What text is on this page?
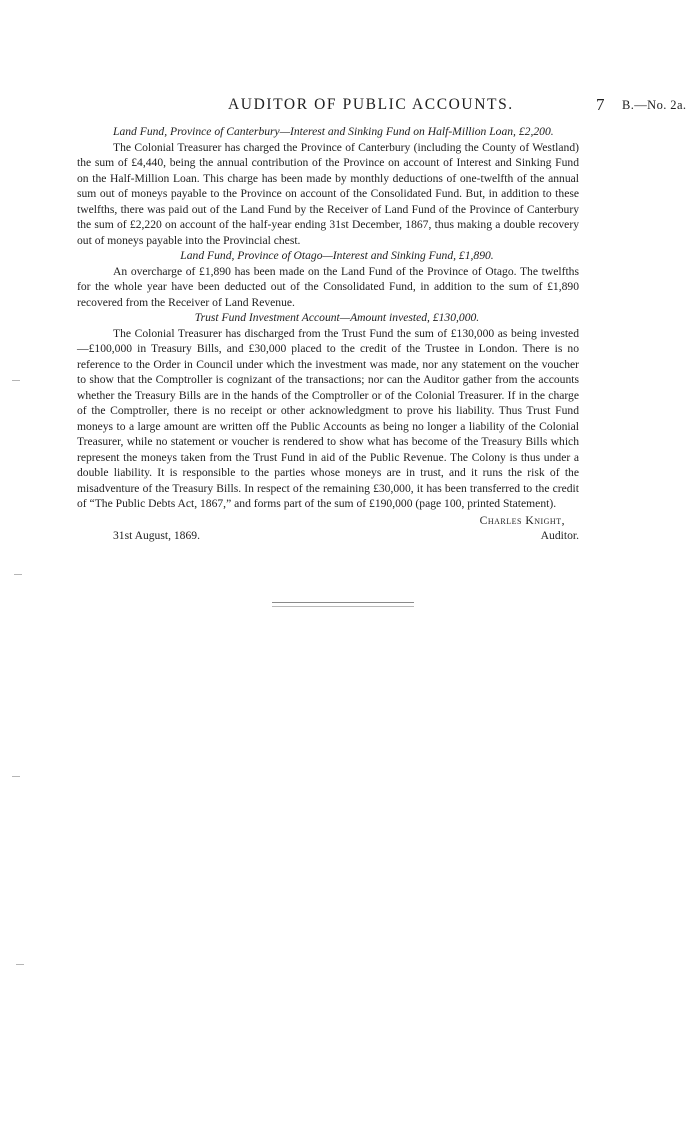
AUDITOR OF PUBLIC ACCOUNTS.	7 B.—No. 2a.

Land Fund, Province of Canterbury—Interest and Sinking Fund on Half-Million Loan, £2,200.

The Colonial Treasurer has charged the Province of Canterbury (including the County of Westland) the sum of £4,440, being the annual contribution of the Province on account of Interest and Sinking Fund on the Half-Million Loan. This charge has been made by monthly deductions of one-twelfth of the annual sum out of moneys payable to the Province on account of the Consolidated Fund. But, in addition to these twelfths, there was paid out of the Land Fund by the Receiver of Land Fund of the Province of Canterbury the sum of £2,220 on account of the half-year ending 31st December, 1867, thus making a double recovery out of moneys payable into the Provincial chest.

Land Fund, Province of Otago—Interest and Sinking Fund, £1,890.

An overcharge of £1,890 has been made on the Land Fund of the Province of Otago. The twelfths for the whole year have been deducted out of the Consolidated Fund, in addition to the sum of £1,890 recovered from the Receiver of Land Revenue.

Trust Fund Investment Account—Amount invested, £130,000.

The Colonial Treasurer has discharged from the Trust Fund the sum of £130,000 as being invested—£100,000 in Treasury Bills, and £30,000 placed to the credit of the Trustee in London. There is no reference to the Order in Council under which the investment was made, nor any statement on the voucher to show that the Comptroller is cognizant of the transactions; nor can the Auditor gather from the accounts whether the Treasury Bills are in the hands of the Comptroller or of the Colonial Treasurer. If in the charge of the Comptroller, there is no receipt or other acknowledgment to prove his liability. Thus Trust Fund moneys to a large amount are written off the Public Accounts as being no longer a liability of the Colonial Treasurer, while no statement or voucher is rendered to show what has become of the Treasury Bills which represent the moneys taken from the Trust Fund in aid of the Public Revenue. The Colony is thus under a double liability. It is responsible to the parties whose moneys are in trust, and it runs the risk of the misadventure of the Treasury Bills. In respect of the remaining £30,000, it has been transferred to the credit of “The Public Debts Act, 1867,” and forms part of the sum of £190,000 (page 100, printed Statement).

Charles Knight,
Auditor.
31st August, 1869.
